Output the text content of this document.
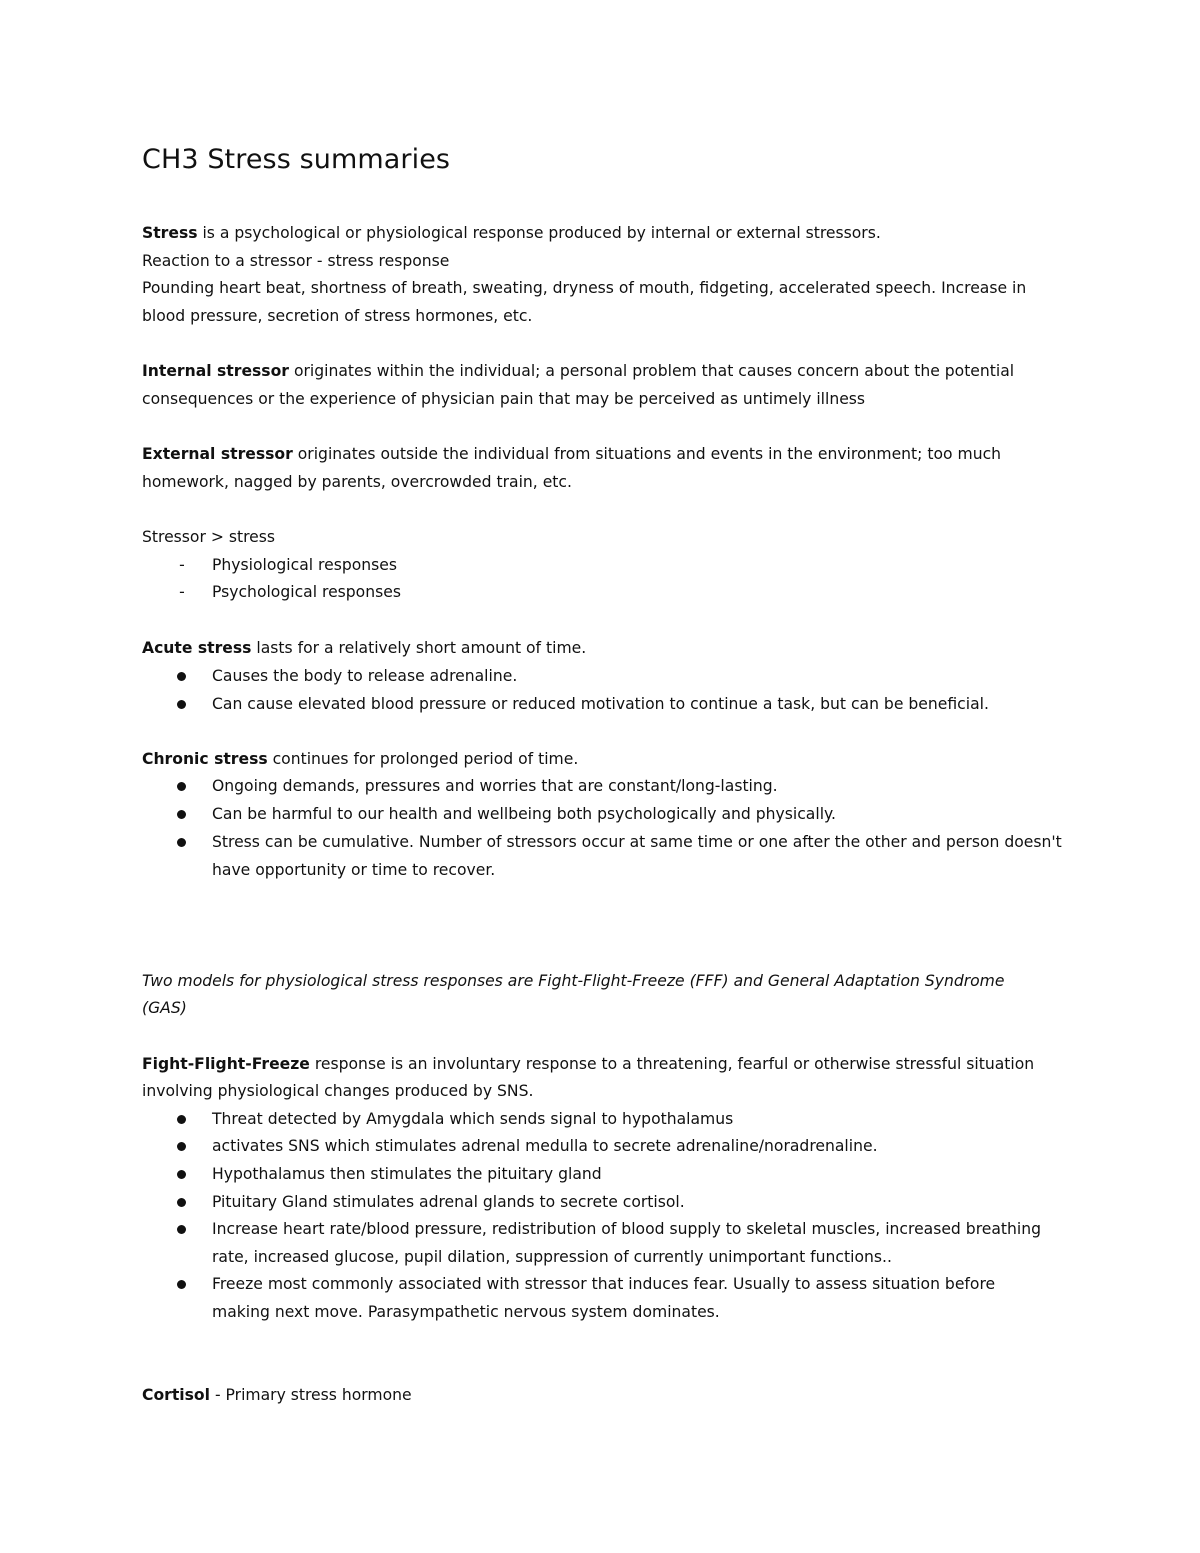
CH3 Stress summaries

Stress is a psychological or physiological response produced by internal or external stressors.

Reaction to a stressor - stress response

Pounding heart beat, shortness of breath, sweating, dryness of mouth, fidgeting, accelerated speech. Increase in

blood pressure, secretion of stress hormones, etc.

Internal stressor originates within the individual; a personal problem that causes concern about the potential

consequences or the experience of physician pain that may be perceived as untimely illness

External stressor originates outside the individual from situations and events in the environment; too much

homework, nagged by parents, overcrowded train, etc.

Stressor > stress

-	Physiological responses

-	Psychological responses

Acute stress lasts for a relatively short amount of time.

Causes the body to release adrenaline.

Can cause elevated blood pressure or reduced motivation to continue a task, but can be beneficial.

Chronic stress continues for prolonged period of time.

Ongoing demands, pressures and worries that are constant/long-lasting.

Can be harmful to our health and wellbeing both psychologically and physically.

Stress can be cumulative. Number of stressors occur at same time or one after the other and person doesn't

have opportunity or time to recover.

Two models for physiological stress responses are Fight-Flight-Freeze (FFF) and General Adaptation Syndrome

(GAS)

Fight-Flight-Freeze response is an involuntary response to a threatening, fearful or otherwise stressful situation

involving physiological changes produced by SNS.

Threat detected by Amygdala which sends signal to hypothalamus

activates SNS which stimulates adrenal medulla to secrete adrenaline/noradrenaline.

Hypothalamus then stimulates the pituitary gland

Pituitary Gland stimulates adrenal glands to secrete cortisol.

Increase heart rate/blood pressure, redistribution of blood supply to skeletal muscles, increased breathing

rate, increased glucose, pupil dilation, suppression of currently unimportant functions..

Freeze most commonly associated with stressor that induces fear. Usually to assess situation before

making next move. Parasympathetic nervous system dominates.

Cortisol - Primary stress hormone
